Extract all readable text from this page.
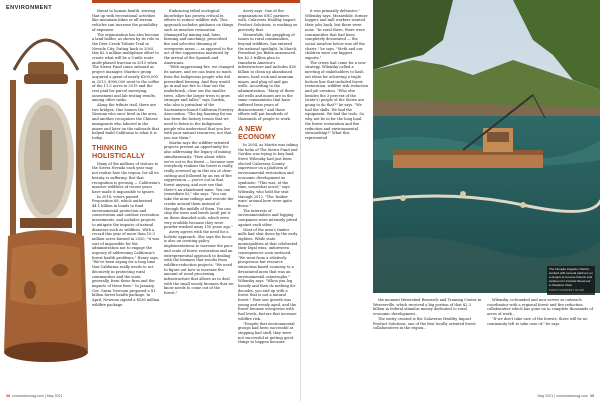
ENVIRONMENT	threat to human health, stirring that up with recreational activities like mountain bikes or all-terrain vehicles can increase the possibility of exposure.

The organization has also become a land holder, as shown by its role in the Deer Creek Tribute Trail in Nevada City. Dating back to 2005, this $2.5 million multiphase effort to create what will be a 5-mile route multi-phased traction in 2015 when The Sierra Fund came onboard as project manager. Martin's group acquired a grant of nearly $200,000 in 2013, $900,000 went to the coffee of the 11.5 acres in 2019 and the rest paid for parcel surveying, assessment and lab testing results, among other tasks.

Along the tribute trail, there are two bridges. One honors the Nisenan who once lived in the area, and another recognizes the Chinese immigrants who labored in the mines and later on the railroads that helped build California to what it is today.

THINKING HOLISTICALLY

Many of the millions of visitors to the Sierra Nevada each year may not realize how the region, for all its beauty, is suffering. But that recognition is growing — California's massive wildfires of recent years have made it impossible to ignore.

In 2018, voters passed Proposition 68, which authorized $4.1 billion in bonds to fund environmental protection and conservation and outdoor recreation investments, and includes projects to mitigate the impacts of natural disasters such as wildfires. With a record this year of more than 10.3 million acres burned in 2020, "it was sort of impossible for the administration not to engage the urgency of addressing California's forest health problems," Henry says. "We've been saying for a long time that California really needs to act decisively in protecting rural communities and the state, generally, from these fires and the impacts of these fires." In January, Gov. Gavin Newsom proposed a $1 billion forest health package. In April, Newsom signed a $536 million wildfire package.

Embracing tribal ecological knowledge has proven critical in efforts to reduce wildfire risk. This approach includes guidance on things such as meadow restoration (damaged by mining and, later, farming and ranching), prescribed fire and selective thinning of overgrown areas — as opposed to the act of fire suppression instituted by the arrival of the Spanish and Americans.

"With suppressing fire, we changed its nature, and we can learn so much from the Indigenous people who did prescribed burning. And they would go in and use fire to clear out the underbrush, clear out the smaller trees, allow the larger trees to grow stronger and taller," says Gordon, who also is president of the Sacramento-based California Forestry Association. "The big learning for me has been the history lesson that we need to listen to the Indigenous people who understood that you live with your natural resources, not that you use them."

Martin says the wildfire-oriented projects present an opportunity for also addressing the legacy of mining simultaneously. "How about while we're out in the forest — because now everybody realizes the forest is really, really screwed up in this era of clear-cutting and followed by an era of fire suppression — you're out in that forest anyway, and now see that there's an abandoned mine. You can (remediate it)," she says. "You can take the mine tailings and reroute the creeks around them instead of through the middle of them. You can chip the trees and brush (and) put it on these denuded soils, which were very erodible because they were powder-washed away 150 years ago."

Avery agrees with the need for a holistic approach. She says the focus is also on creating policy implementations to increase the pace and scale of forest restoration and an entrepreneurial approach to dealing with the biomass that results from wildfire-reduction projects. "We need to figure out how to increase the amount of wood processing infrastructure that allows us to deal with the small woody biomass that we know needs to come out of the forest,"

Avery says. One of the organizations SNC partners with, Calaveras Healthy Impact Product Solutions, is working on precisely that.

Meanwhile, the grappling of issues in rural communities, beyond wildfires, has entered the national spotlight. In March, President Joe Biden announced his $2.3 trillion plan to transform America's infrastructure and includes $36 billion to clean up abandoned mines, hard rock and uranium mines, and plug oil and gas wells. According to the administration, "Many of these old wells and mines are in the same communities that have suffered from years of disinvestment," and these efforts will put hundreds of thousands of people to work.

A NEW ECONOMY

In 2004, as Martin was taking the helm of The Sierra Fund and Gordon was trying to buy land, Steve Wilensky had just been elected Calaveras County supervisor on a platform of environmental restoration and economic development as symbiotic. "This was, at the time, somewhat novel," says Wilensky, who held the seat through 2012. "The 'timber wars' around here were quite fierce."

The interests of environmentalists and logging companies were intensely pitted against each other.

Most of the area's timber mills had shut down by the early eighties. While state municipalities at that celebrated their legal wins, unforeseen consequences soon surfaced. "We went from a relatively prosperous but resource extraction-based economy to a devastated mess that was an environmental catastrophe," Wilensky says. "When you log heavily and then do nothing for decades, you end up with a forest that is not a natural forest." How one growth was young and evenly aged, and the forest became overgrown with fuel levels, factors that increase wildfire risk.

"Despite that environmental groups had been successful at stopping bad stuff, they were not successful at getting good things to happen because

38 comstocksmag.com | May 2021

it was primarily defensive," Wilensky says. Meanwhile, former loggers and mill workers wanted their jobs back, but there were none. "In rural there, there were communities that had been completely devastated — the social meadow below was off the charts," he says. "Meth and our children were our biggest exports."

The crises had come for a new strategy. Wilensky called a meeting of stakeholders to hash out ideas for achieving a triple bottom line that included forest restoration, wildfire risk reduction and job creation. "Who else besides the 3 percent of the (state's) people of the Sierra are going to do that?" he says. "We had the skills. We had the equipment. We had the tools. So why not be in for the long haul, the forest restoration and fire reduction and environmental stewardship?" What this represented

The Nevada Irrigation District worked with several partners on a project to remove historic and sediment in Combie Reservoir in Meadow Vista.
PHOTO COURTESY OF NID

the moment Watershed Research and Training Center in Weaverville, which received a big portion of that $2.3 billion in federal stimulus money dedicated to rural economic development...

The entity created is the Calaveras Healthy Impact Product Solutions, one of the first locally oriented forest collaboratives in the region...

Wilensky co-founded and now serves as outreach coordinator with a regional forest and fire reduction collaborative which has gone on to complete thousands of acres of work...

"If we don't take care of the forests, there will be no community left to take care of," he says.

May 2021 | comstocksmag.com 39
